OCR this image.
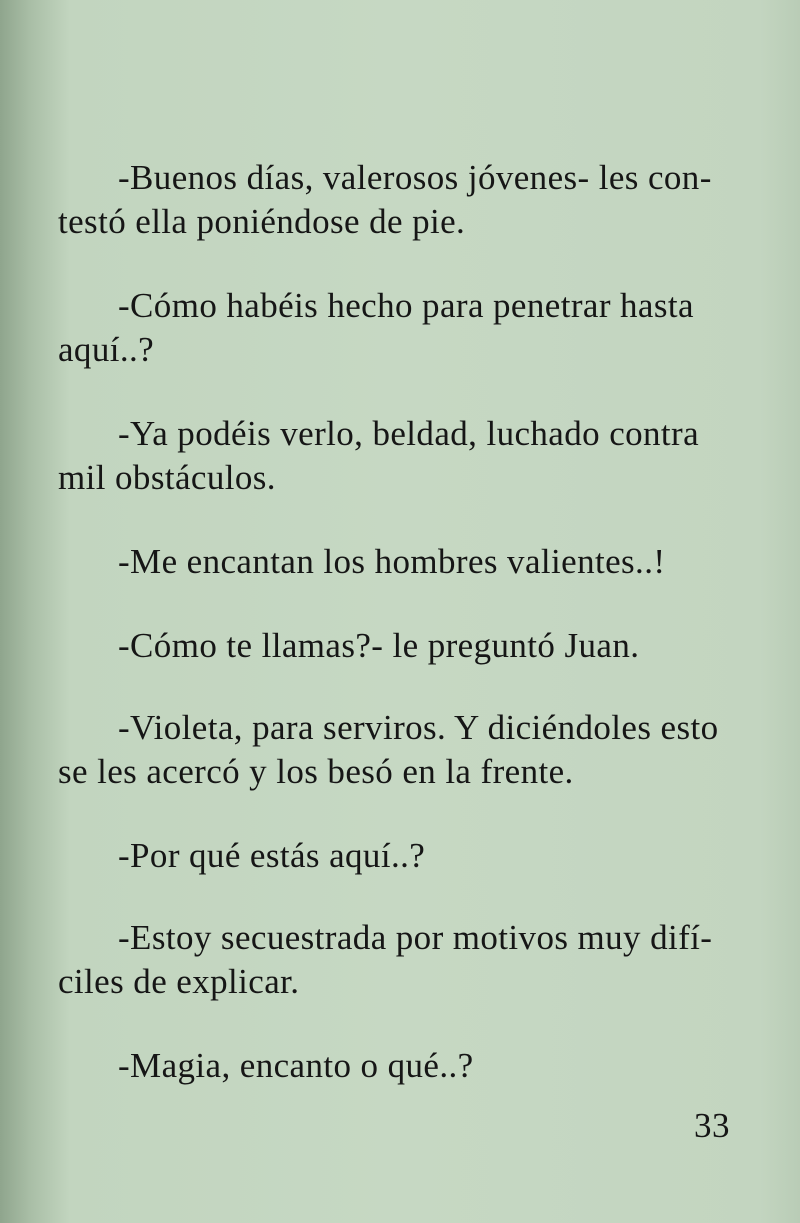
-Buenos días, valerosos jóvenes- les con-
testó ella poniéndose de pie.

-Cómo habéis hecho para penetrar hasta
aquí..?

-Ya podéis verlo, beldad, luchado contra
mil obstáculos.

-Me encantan los hombres valientes..!

-Cómo te llamas?- le preguntó Juan.

-Violeta, para serviros. Y diciéndoles esto
se les acercó y los besó en la frente.

-Por qué estás aquí..?

-Estoy secuestrada por motivos muy difí-
ciles de explicar.

-Magia, encanto o qué..?

33
